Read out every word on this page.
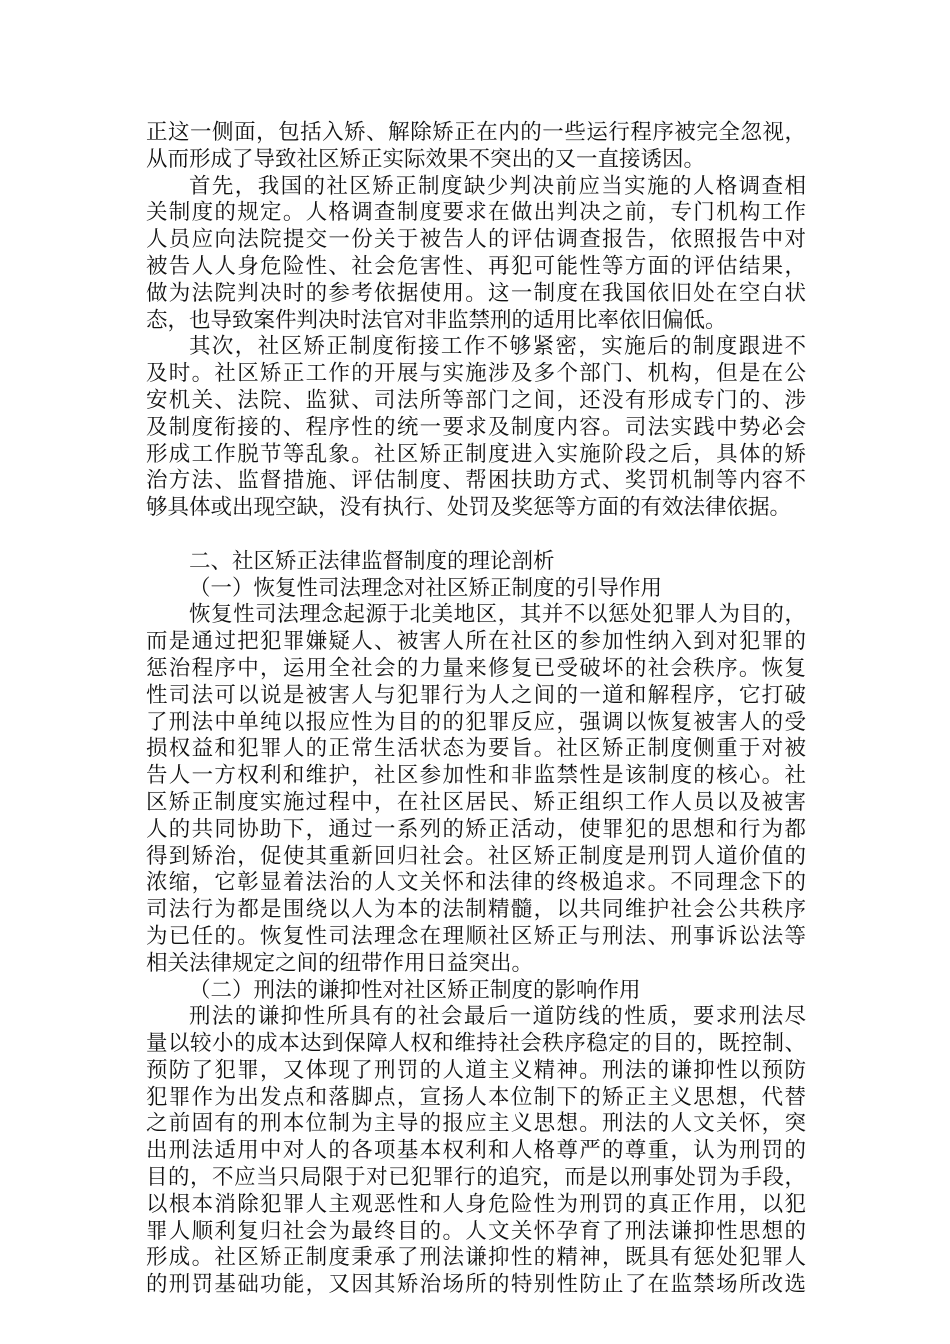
正这一侧面，包括入矫、解除矫正在内的一些运行程序被完全忽视，
从而形成了导致社区矫正实际效果不突出的又一直接诱因。
首先，我国的社区矫正制度缺少判决前应当实施的人格调查相
关制度的规定。人格调查制度要求在做出判决之前，专门机构工作
人员应向法院提交一份关于被告人的评估调查报告，依照报告中对
被告人人身危险性、社会危害性、再犯可能性等方面的评估结果，
做为法院判决时的参考依据使用。这一制度在我国依旧处在空白状
态，也导致案件判决时法官对非监禁刑的适用比率依旧偏低。
其次，社区矫正制度衔接工作不够紧密，实施后的制度跟进不
及时。社区矫正工作的开展与实施涉及多个部门、机构，但是在公
安机关、法院、监狱、司法所等部门之间，还没有形成专门的、涉
及制度衔接的、程序性的统一要求及制度内容。司法实践中势必会
形成工作脱节等乱象。社区矫正制度进入实施阶段之后，具体的矫
治方法、监督措施、评估制度、帮困扶助方式、奖罚机制等内容不
够具体或出现空缺，没有执行、处罚及奖惩等方面的有效法律依据。
二、社区矫正法律监督制度的理论剖析
（一）恢复性司法理念对社区矫正制度的引导作用
恢复性司法理念起源于北美地区，其并不以惩处犯罪人为目的，
而是通过把犯罪嫌疑人、被害人所在社区的参加性纳入到对犯罪的
惩治程序中，运用全社会的力量来修复已受破坏的社会秩序。恢复
性司法可以说是被害人与犯罪行为人之间的一道和解程序，它打破
了刑法中单纯以报应性为目的的犯罪反应，强调以恢复被害人的受
损权益和犯罪人的正常生活状态为要旨。社区矫正制度侧重于对被
告人一方权利和维护，社区参加性和非监禁性是该制度的核心。社
区矫正制度实施过程中，在社区居民、矫正组织工作人员以及被害
人的共同协助下，通过一系列的矫正活动，使罪犯的思想和行为都
得到矫治，促使其重新回归社会。社区矫正制度是刑罚人道价值的
浓缩，它彰显着法治的人文关怀和法律的终极追求。不同理念下的
司法行为都是围绕以人为本的法制精髓，以共同维护社会公共秩序
为已任的。恢复性司法理念在理顺社区矫正与刑法、刑事诉讼法等
相关法律规定之间的纽带作用日益突出。
（二）刑法的谦抑性对社区矫正制度的影响作用
刑法的谦抑性所具有的社会最后一道防线的性质，要求刑法尽
量以较小的成本达到保障人权和维持社会秩序稳定的目的，既控制、
预防了犯罪，又体现了刑罚的人道主义精神。刑法的谦抑性以预防
犯罪作为出发点和落脚点，宣扬人本位制下的矫正主义思想，代替
之前固有的刑本位制为主导的报应主义思想。刑法的人文关怀，突
出刑法适用中对人的各项基本权利和人格尊严的尊重，认为刑罚的
目的，不应当只局限于对已犯罪行的追究，而是以刑事处罚为手段，
以根本消除犯罪人主观恶性和人身危险性为刑罚的真正作用，以犯
罪人顺利复归社会为最终目的。人文关怀孕育了刑法谦抑性思想的
形成。社区矫正制度秉承了刑法谦抑性的精神，既具有惩处犯罪人
的刑罚基础功能，又因其矫治场所的特别性防止了在监禁场所改选
